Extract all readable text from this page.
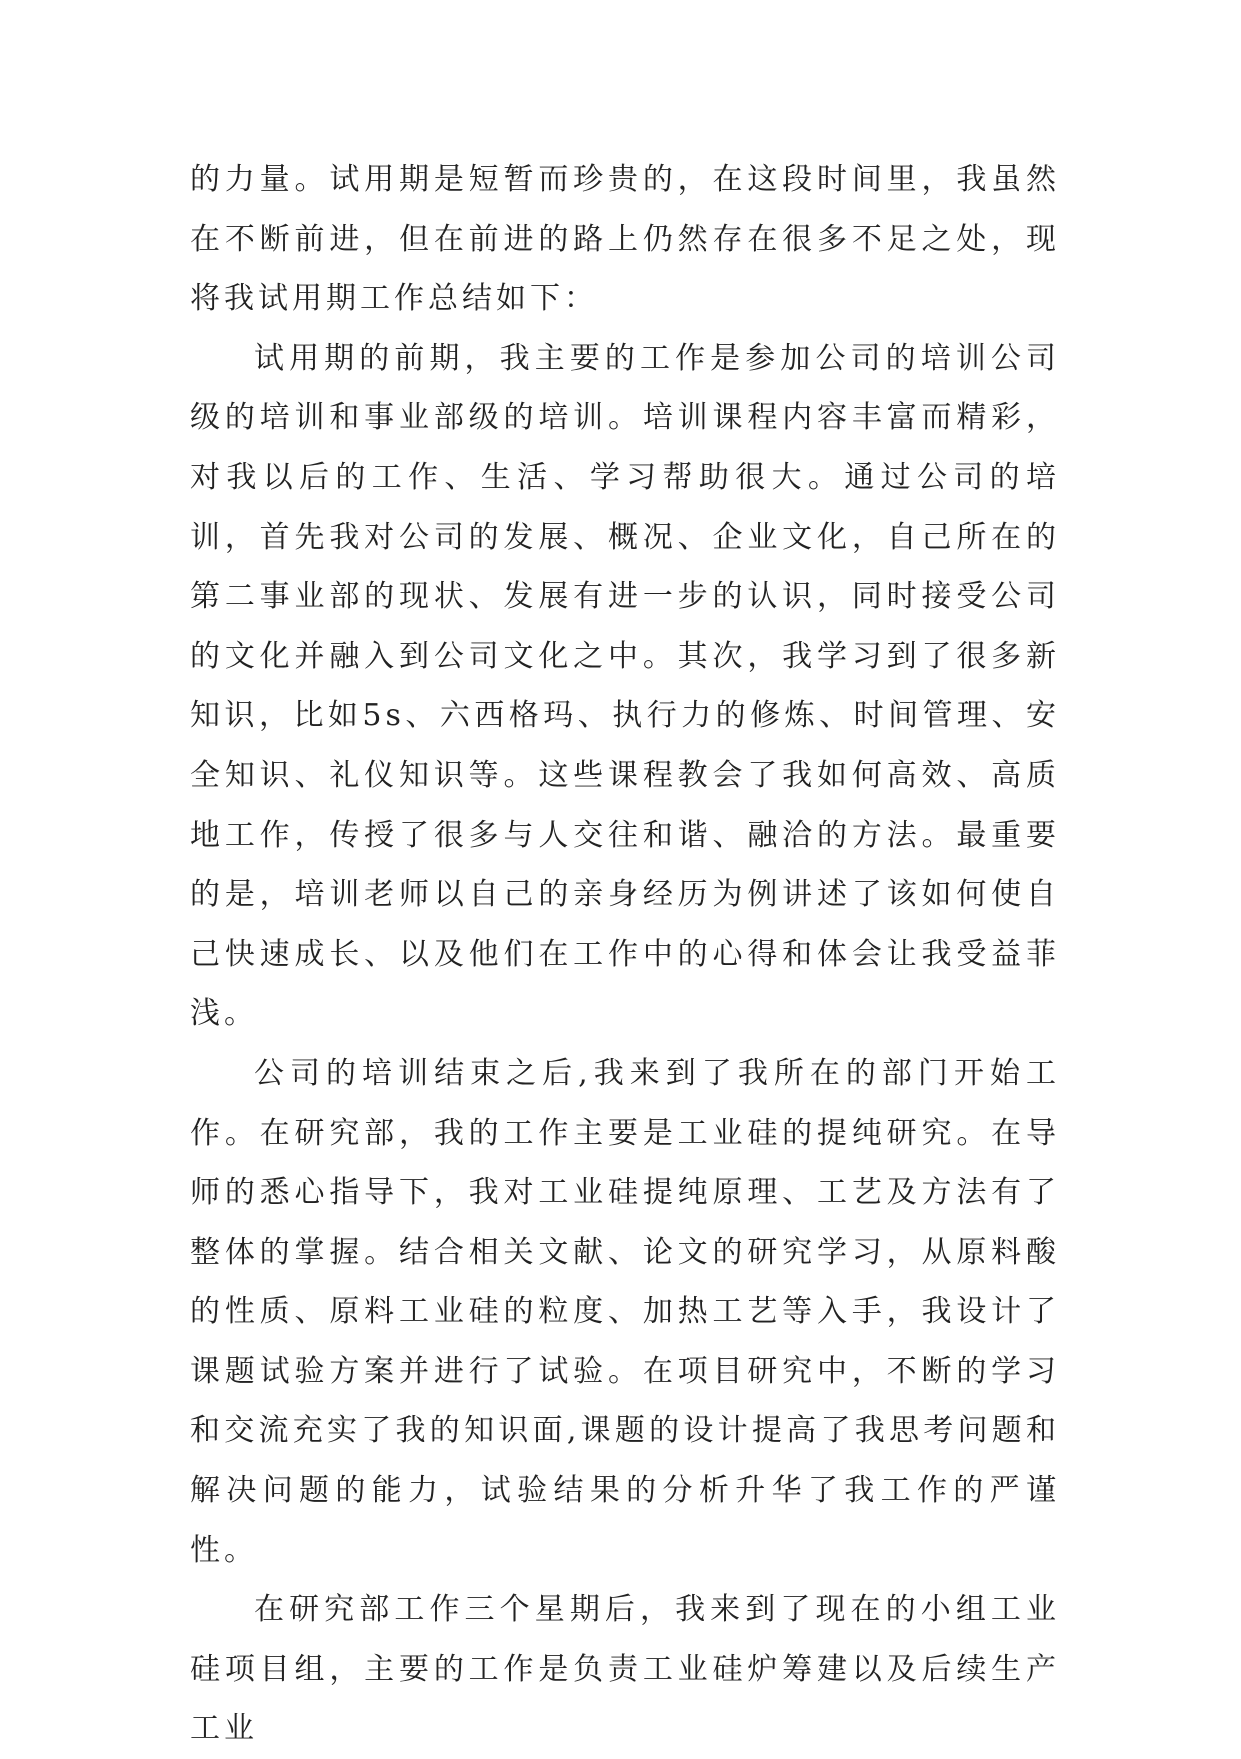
的力量。试用期是短暂而珍贵的，在这段时间里，我虽然在不断前进，但在前进的路上仍然存在很多不足之处，现将我试用期工作总结如下：

试用期的前期，我主要的工作是参加公司的培训公司级的培训和事业部级的培训。培训课程内容丰富而精彩，对我以后的工作、生活、学习帮助很大。通过公司的培训，首先我对公司的发展、概况、企业文化，自己所在的第二事业部的现状、发展有进一步的认识，同时接受公司的文化并融入到公司文化之中。其次，我学习到了很多新知识，比如5s、六西格玛、执行力的修炼、时间管理、安全知识、礼仪知识等。这些课程教会了我如何高效、高质地工作，传授了很多与人交往和谐、融洽的方法。最重要的是，培训老师以自己的亲身经历为例讲述了该如何使自己快速成长、以及他们在工作中的心得和体会让我受益菲浅。

公司的培训结束之后,我来到了我所在的部门开始工作。在研究部，我的工作主要是工业硅的提纯研究。在导师的悉心指导下，我对工业硅提纯原理、工艺及方法有了整体的掌握。结合相关文献、论文的研究学习，从原料酸的性质、原料工业硅的粒度、加热工艺等入手，我设计了课题试验方案并进行了试验。在项目研究中，不断的学习和交流充实了我的知识面,课题的设计提高了我思考问题和解决问题的能力，试验结果的分析升华了我工作的严谨性。

在研究部工作三个星期后，我来到了现在的小组工业硅项目组，主要的工作是负责工业硅炉筹建以及后续生产工业
